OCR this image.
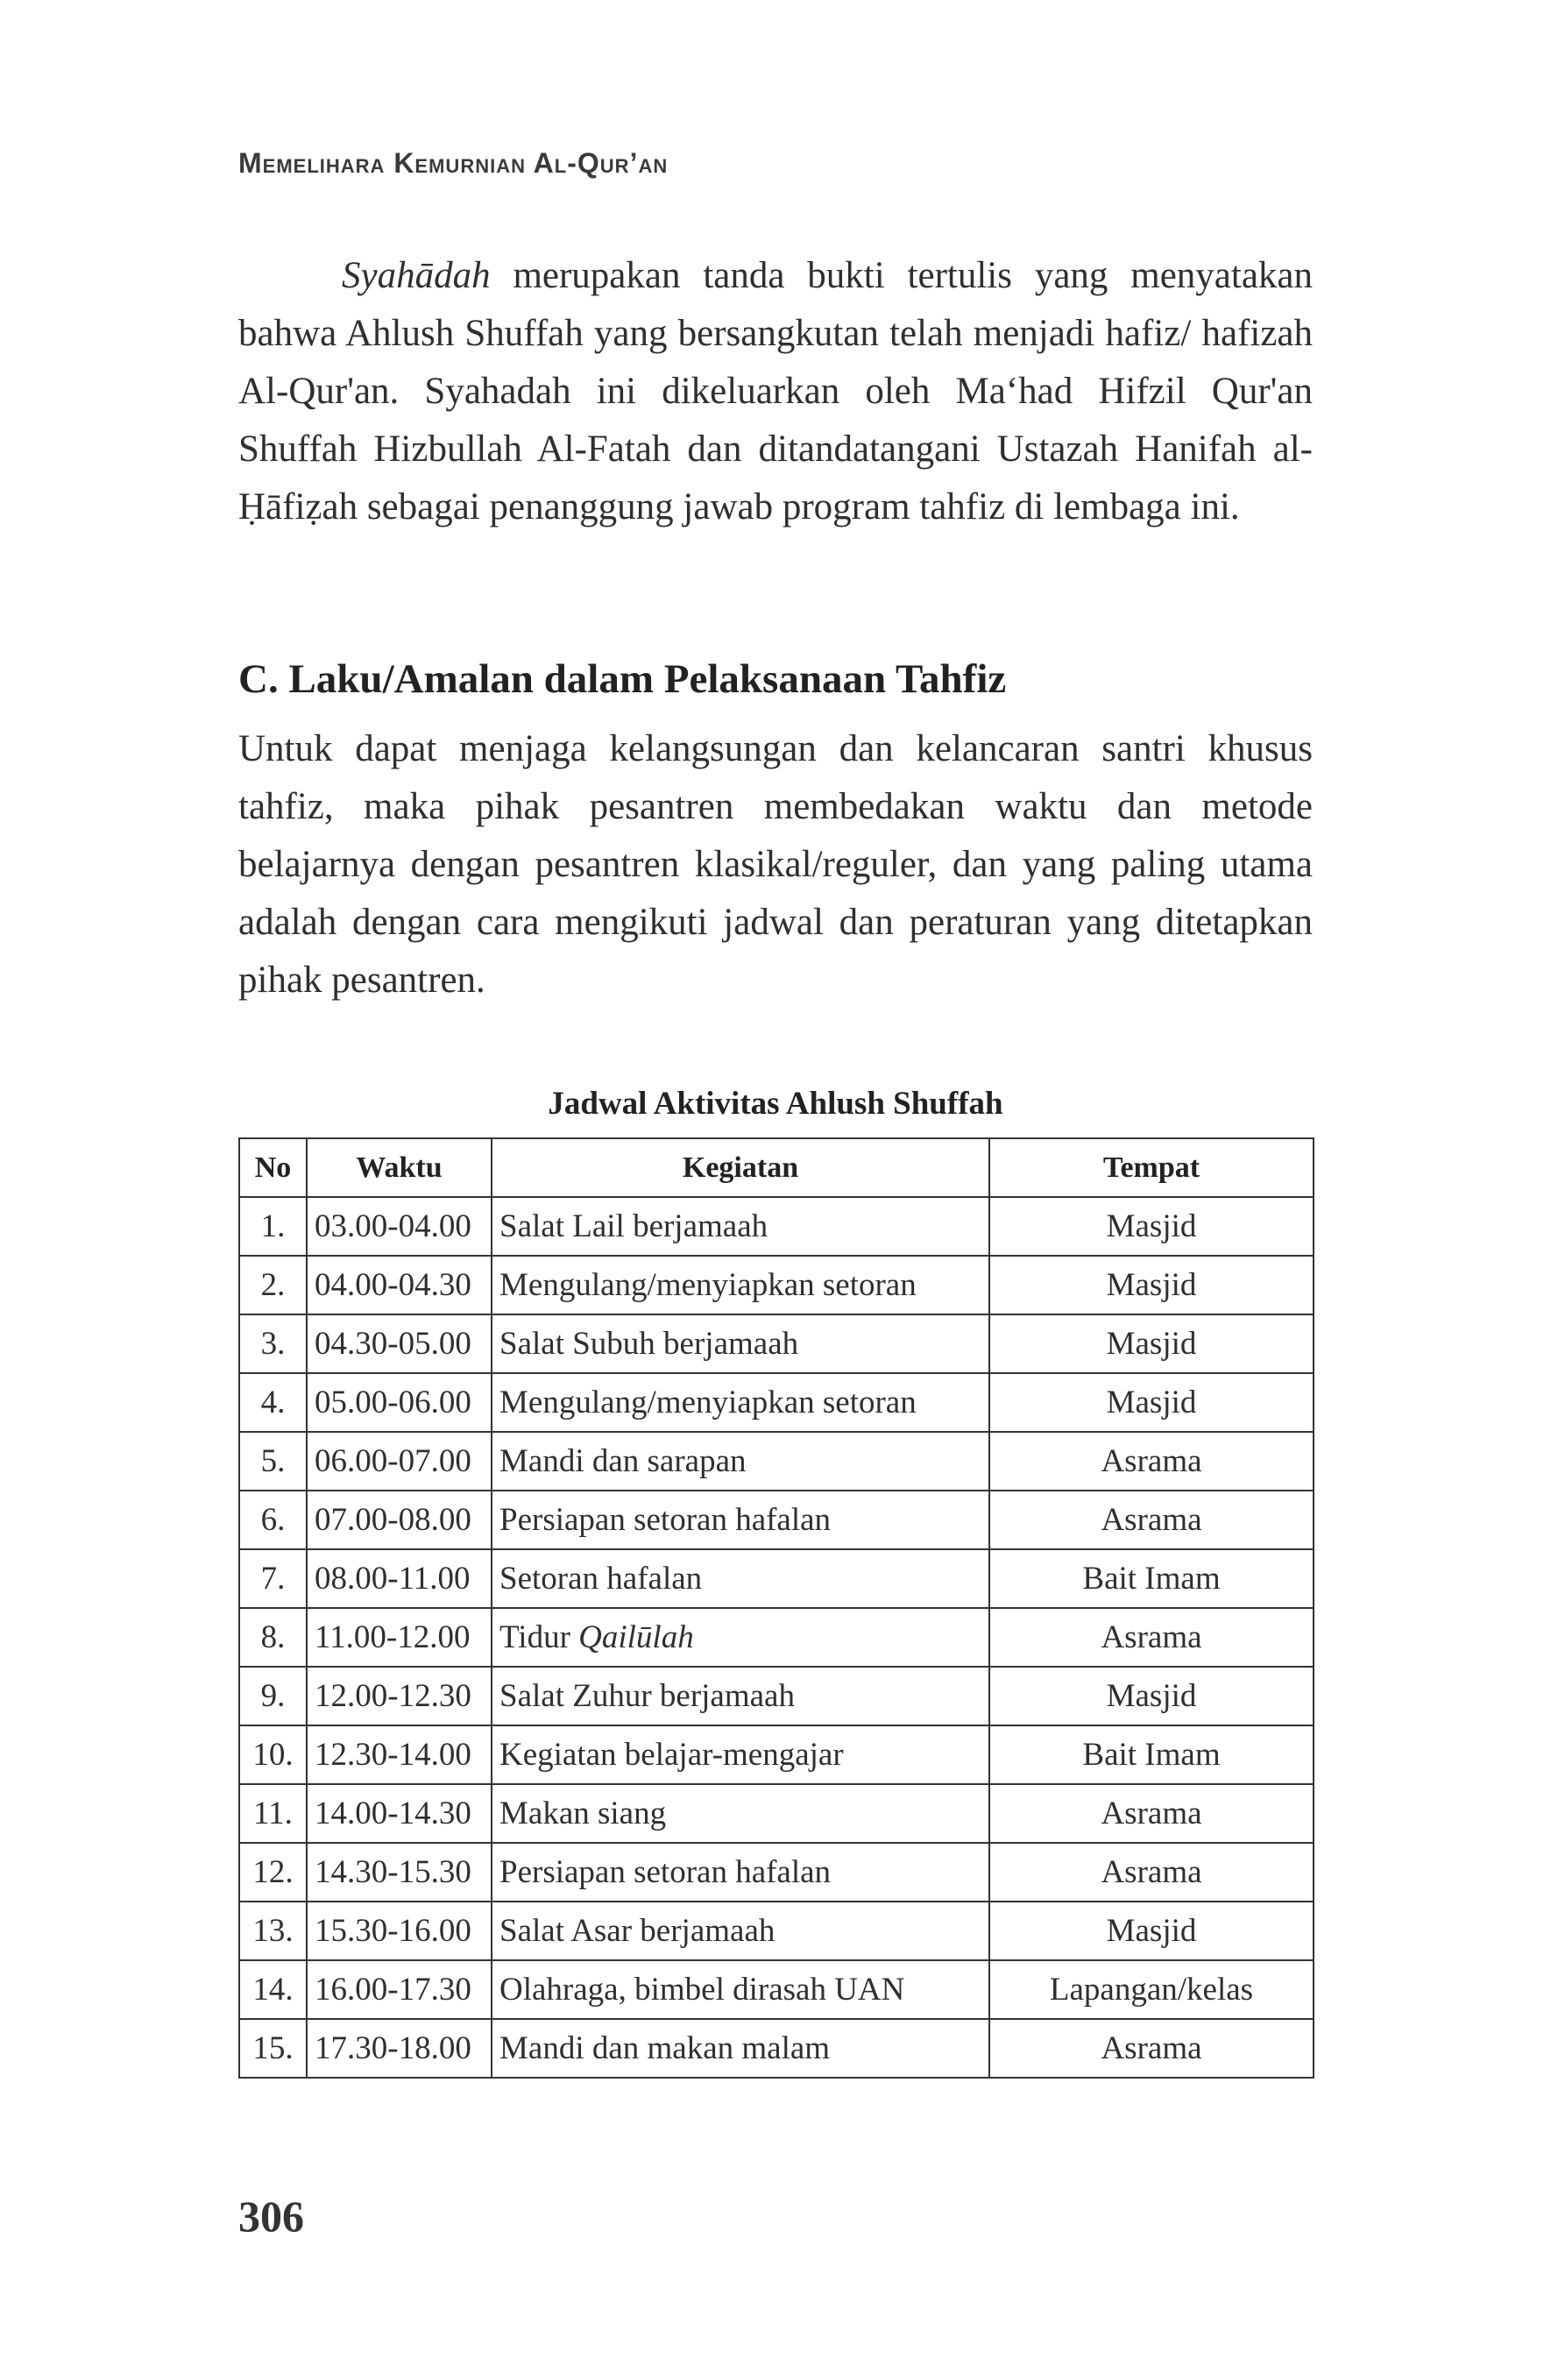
Memelihara Kemurnian Al-Qur’an

Syahādah merupakan tanda bukti tertulis yang menyatakan bahwa Ahlush Shuffah yang bersangkutan telah menjadi hafiz/ hafizah Al-Qur'an. Syahadah ini dikeluarkan oleh Ma‘had Hifzil Qur'an Shuffah Hizbullah Al-Fatah dan ditandatangani Ustazah Hanifah al-Ḥāfiẓah sebagai penanggung jawab program tahfiz di lembaga ini.

C. Laku/Amalan dalam Pelaksanaan Tahfiz

Untuk dapat menjaga kelangsungan dan kelancaran santri khusus tahfiz, maka pihak pesantren membedakan waktu dan metode belajarnya dengan pesantren klasikal/reguler, dan yang paling utama adalah dengan cara mengikuti jadwal dan peraturan yang ditetapkan pihak pesantren.

Jadwal Aktivitas Ahlush Shuffah
No	Waktu	Kegiatan	Tempat
1.	03.00-04.00	Salat Lail berjamaah	Masjid
2.	04.00-04.30	Mengulang/menyiapkan setoran	Masjid
3.	04.30-05.00	Salat Subuh berjamaah	Masjid
4.	05.00-06.00	Mengulang/menyiapkan setoran	Masjid
5.	06.00-07.00	Mandi dan sarapan	Asrama
6.	07.00-08.00	Persiapan setoran hafalan	Asrama
7.	08.00-11.00	Setoran hafalan	Bait Imam
8.	11.00-12.00	Tidur Qailūlah	Asrama
9.	12.00-12.30	Salat Zuhur berjamaah	Masjid
10.	12.30-14.00	Kegiatan belajar-mengajar	Bait Imam
11.	14.00-14.30	Makan siang	Asrama
12.	14.30-15.30	Persiapan setoran hafalan	Asrama
13.	15.30-16.00	Salat Asar berjamaah	Masjid
14.	16.00-17.30	Olahraga, bimbel dirasah UAN	Lapangan/kelas
15.	17.30-18.00	Mandi dan makan malam	Asrama
306
